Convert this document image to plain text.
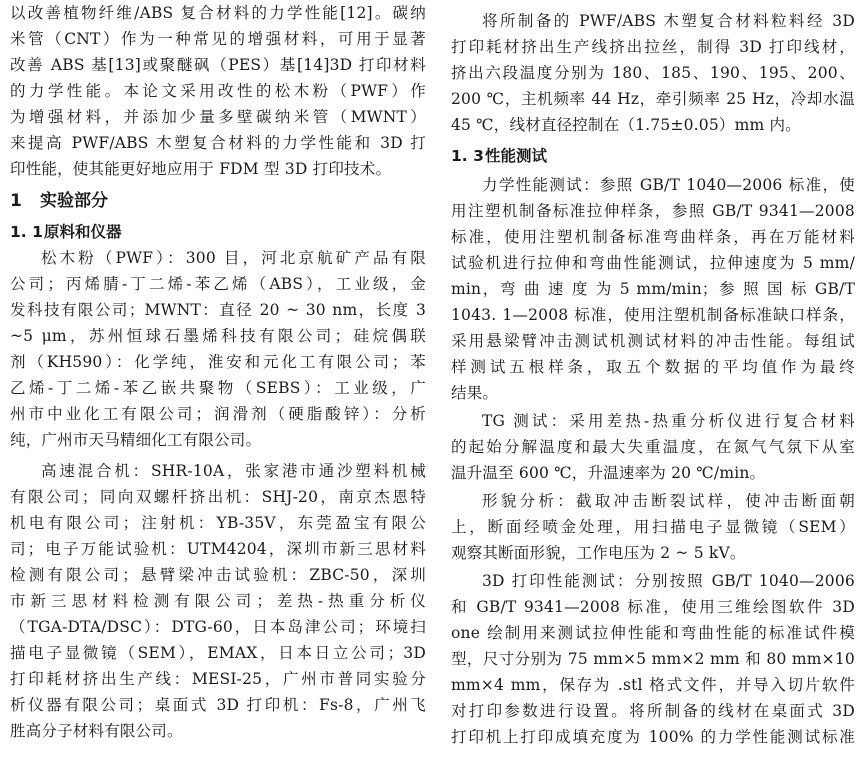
以改善植物纤维/ABS 复合材料的力学性能[12]。碳纳
米管（CNT）作为一种常见的增强材料，可用于显著
改善 ABS 基[13]或聚醚砜（PES）基[14]3D 打印材料
的力学性能。本论文采用改性的松木粉（PWF）作
为增强材料，并添加少量多壁碳纳米管（MWNT）
来提高 PWF/ABS 木塑复合材料的力学性能和 3D 打
印性能，使其能更好地应用于 FDM 型 3D 打印技术。
1 实验部分
1. 1原料和仪器
松木粉（PWF）：300 目，河北京航矿产品有限
公司；丙烯腈-丁二烯-苯乙烯（ABS），工业级，金
发科技有限公司；MWNT：直径 20 ~ 30 nm，长度 3
~5 μm，苏州恒球石墨烯科技有限公司；硅烷偶联
剂（KH590）：化学纯，淮安和元化工有限公司；苯
乙烯-丁二烯-苯乙嵌共聚物（SEBS）：工业级，广
州市中业化工有限公司；润滑剂（硬脂酸锌）：分析
纯，广州市天马精细化工有限公司。
高速混合机：SHR-10A，张家港市通沙塑料机械
有限公司；同向双螺杆挤出机：SHJ-20，南京杰恩特
机电有限公司；注射机：YB-35V，东莞盈宝有限公
司；电子万能试验机：UTM4204，深圳市新三思材料
检测有限公司；悬臂梁冲击试验机：ZBC-50，深圳
市新三思材料检测有限公司；差热-热重分析仪
（TGA-DTA/DSC）：DTG-60，日本岛津公司；环境扫
描电子显微镜（SEM），EMAX，日本日立公司；3D
打印耗材挤出生产线：MESI-25，广州市普同实验分
析仪器有限公司；桌面式 3D 打印机：Fs-8，广州飞
胜高分子材料有限公司。
将所制备的 PWF/ABS 木塑复合材料粒料经 3D
打印耗材挤出生产线挤出拉丝，制得 3D 打印线材，
挤出六段温度分别为 180、185、190、195、200、
200 ℃，主机频率 44 Hz，牵引频率 25 Hz，冷却水温
45 ℃，线材直径控制在（1.75±0.05）mm 内。
1. 3性能测试
力学性能测试：参照 GB/T 1040—2006 标准，使
用注塑机制备标准拉伸样条，参照 GB/T 9341—2008
标准，使用注塑机制备标准弯曲样条，再在万能材料
试验机进行拉伸和弯曲性能测试，拉伸速度为 5 mm/
min，弯 曲 速 度 为 5 mm/min；参 照 国 标 GB/T
1043. 1—2008 标准，使用注塑机制备标准缺口样条，
采用悬梁臂冲击测试机测试材料的冲击性能。每组试
样测试五根样条，取五个数据的平均值作为最终
结果。
TG 测试：采用差热-热重分析仪进行复合材料
的起始分解温度和最大失重温度，在氮气气氛下从室
温升温至 600 ℃，升温速率为 20 ℃/min。
形貌分析：截取冲击断裂试样，使冲击断面朝
上，断面经喷金处理，用扫描电子显微镜（SEM）
观察其断面形貌，工作电压为 2 ~ 5 kV。
3D 打印性能测试：分别按照 GB/T 1040—2006
和 GB/T 9341—2008 标准，使用三维绘图软件 3D
one 绘制用来测试拉伸性能和弯曲性能的标准试件模
型，尺寸分别为 75 mm×5 mm×2 mm 和 80 mm×10
mm×4 mm，保存为 .stl 格式文件，并导入切片软件
对打印参数进行设置。将所制备的线材在桌面式 3D
打印机上打印成填充度为 100% 的力学性能测试标准
